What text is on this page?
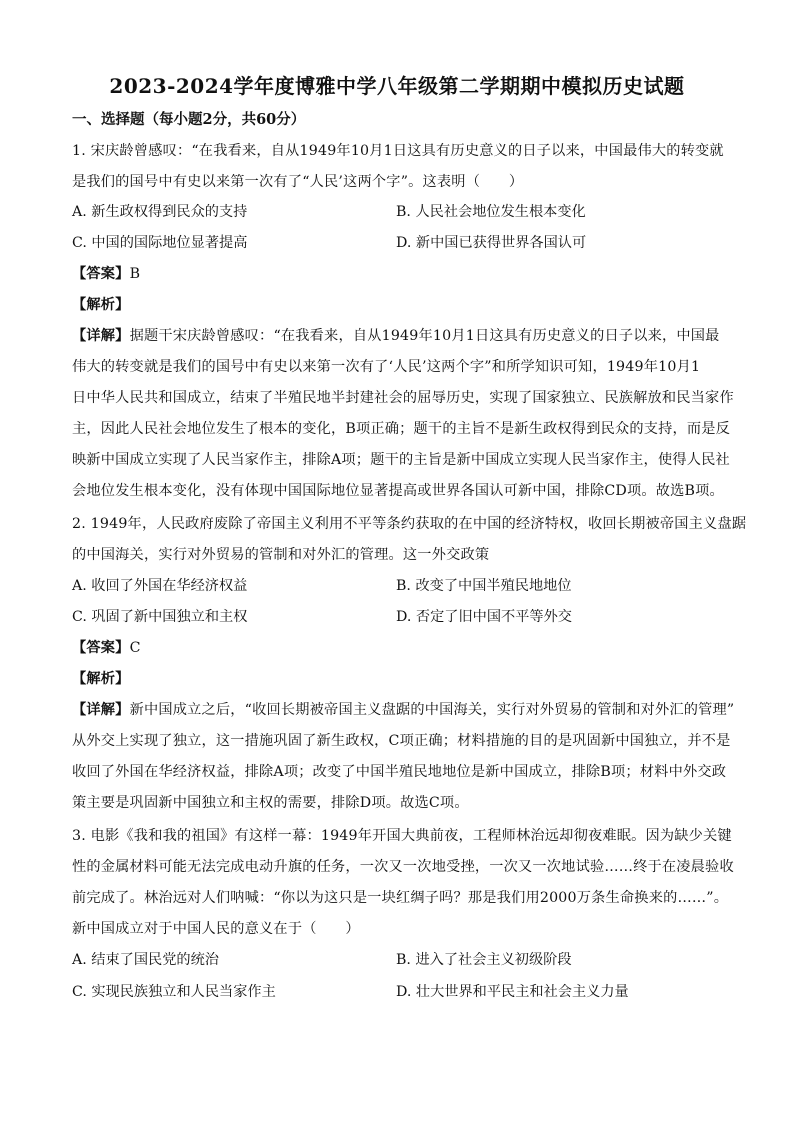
2023-2024学年度博雅中学八年级第二学期期中模拟历史试题
一、选择题（每小题2分，共60分）
1. 宋庆龄曾感叹：“在我看来，自从1949年10月1日这具有历史意义的日子以来，中国最伟大的转变就
是我们的国号中有史以来第一次有了“人民’这两个字”。这表明（　　）
A. 新生政权得到民众的支持	B. 人民社会地位发生根本变化
C. 中国的国际地位显著提高	D. 新中国已获得世界各国认可
【答案】B
【解析】
【详解】据题干宋庆龄曾感叹：“在我看来，自从1949年10月1日这具有历史意义的日子以来，中国最
伟大的转变就是我们的国号中有史以来第一次有了‘人民’这两个字”和所学知识可知，1949年10月1
日中华人民共和国成立，结束了半殖民地半封建社会的屈辱历史，实现了国家独立、民族解放和民当家作
主，因此人民社会地位发生了根本的变化，B项正确；题干的主旨不是新生政权得到民众的支持，而是反
映新中国成立实现了人民当家作主，排除A项；题干的主旨是新中国成立实现人民当家作主，使得人民社
会地位发生根本变化，没有体现中国国际地位显著提高或世界各国认可新中国，排除CD项。故选B项。
2. 1949年，人民政府废除了帝国主义利用不平等条约获取的在中国的经济特权，收回长期被帝国主义盘踞
的中国海关，实行对外贸易的管制和对外汇的管理。这一外交政策
A. 收回了外国在华经济权益	B. 改变了中国半殖民地地位
C. 巩固了新中国独立和主权	D. 否定了旧中国不平等外交
【答案】C
【解析】
【详解】新中国成立之后，“收回长期被帝国主义盘踞的中国海关，实行对外贸易的管制和对外汇的管理”
从外交上实现了独立，这一措施巩固了新生政权，C项正确；材料措施的目的是巩固新中国独立，并不是
收回了外国在华经济权益，排除A项；改变了中国半殖民地地位是新中国成立，排除B项；材料中外交政
策主要是巩固新中国独立和主权的需要，排除D项。故选C项。
3. 电影《我和我的祖国》有这样一幕：1949年开国大典前夜，工程师林治远却彻夜难眠。因为缺少关键
性的金属材料可能无法完成电动升旗的任务，一次又一次地受挫，一次又一次地试验……终于在凌晨验收
前完成了。林治远对人们呐喊：“你以为这只是一块红绸子吗？那是我们用2000万条生命换来的……”。
新中国成立对于中国人民的意义在于（　　）
A. 结束了国民党的统治	B. 进入了社会主义初级阶段
C. 实现民族独立和人民当家作主	D. 壮大世界和平民主和社会主义力量
